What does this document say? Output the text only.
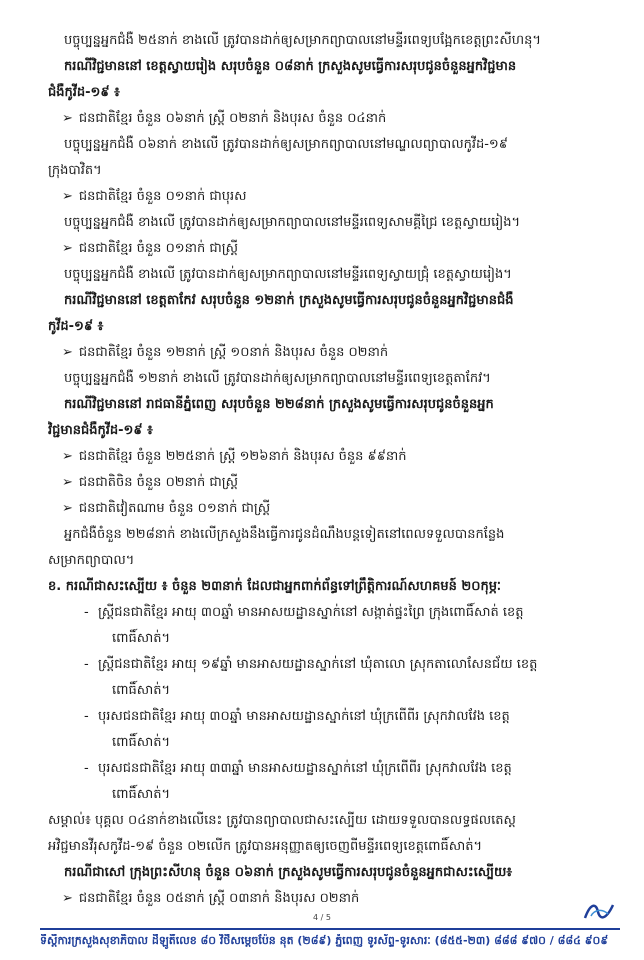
បច្ចុប្បន្នអ្នកជំងឺ ២៥នាក់ ខាងលើ ត្រូវបានដាក់ឲ្យសម្រាកព្យាបាលនៅមន្ទីរពេទ្យបង្អែកខេត្តព្រះសីហនុ។
ករណីវិជ្ជមាននៅ ខេត្តស្វាយរៀង សរុបចំនួន ០៨នាក់ ក្រសួងសូមធ្វើការសរុបជូនចំនួនអ្នកវិជ្ជមាន
ជំងឺកូវីដ-១៩ ៖
➢ ជនជាតិខ្មែរ ចំនួន ០៦នាក់ ស្ត្រី ០២នាក់ និងបុរស ចំនួន ០៤នាក់
បច្ចុប្បន្នអ្នកជំងឺ ០៦នាក់ ខាងលើ ត្រូវបានដាក់ឲ្យសម្រាកព្យាបាលនៅមណ្ឌលព្យាបាលកូវីដ-១៩
ក្រុងបាវិត។
➢ ជនជាតិខ្មែរ ចំនួន ០១នាក់ ជាបុរស
បច្ចុប្បន្នអ្នកជំងឺ ខាងលើ ត្រូវបានដាក់ឲ្យសម្រាកព្យាបាលនៅមន្ទីរពេទ្យសាមគ្គីជ្រៃ ខេត្តស្វាយរៀង។
➢ ជនជាតិខ្មែរ ចំនួន ០១នាក់ ជាស្ត្រី
បច្ចុប្បន្នអ្នកជំងឺ ខាងលើ ត្រូវបានដាក់ឲ្យសម្រាកព្យាបាលនៅមន្ទីរពេទ្យស្វាយជ្រុំ ខេត្តស្វាយរៀង។
ករណីវិជ្ជមាននៅ ខេត្តតាកែវ សរុបចំនួន ១២នាក់ ក្រសួងសូមធ្វើការសរុបជូនចំនួនអ្នកវិជ្ជមានជំងឺ
កូវីដ-១៩ ៖
➢ ជនជាតិខ្មែរ ចំនួន ១២នាក់ ស្ត្រី ១០នាក់ និងបុរស ចំនួន ០២នាក់
បច្ចុប្បន្នអ្នកជំងឺ ១២នាក់ ខាងលើ ត្រូវបានដាក់ឲ្យសម្រាកព្យាបាលនៅមន្ទីរពេទ្យខេត្តតាកែវ។
ករណីវិជ្ជមាននៅ រាជធានីភ្នំពេញ សរុបចំនួន ២២៨នាក់ ក្រសួងសូមធ្វើការសរុបជូនចំនួនអ្នក
វិជ្ជមានជំងឺកូវីដ-១៩ ៖
➢ ជនជាតិខ្មែរ ចំនួន ២២៥នាក់ ស្ត្រី ១២៦នាក់ និងបុរស ចំនួន ៩៩នាក់
➢ ជនជាតិចិន ចំនួន ០២នាក់ ជាស្ត្រី
➢ ជនជាតិវៀតណាម ចំនួន ០១នាក់ ជាស្ត្រី
អ្នកជំងឺចំនួន ២២៨នាក់ ខាងលើក្រសួងនឹងធ្វើការជូនដំណឹងបន្តទៀតនៅពេលទទួលបានកន្លែង
សម្រាកព្យាបាល។
ខ. ករណីជាសះស្បើយ ៖ ចំនួន ២៣នាក់ ដែលជាអ្នកពាក់ព័ន្ធទៅព្រឹត្តិការណ៍សហគមន៍ ២០កុម្ភៈ
- ស្ត្រីជនជាតិខ្មែរ អាយុ ៣០ឆ្នាំ មានអាសយដ្ឋានស្នាក់នៅ សង្កាត់ផ្ទះព្រៃ ក្រុងពោធិ៍សាត់ ខេត្ត
ពោធិ៍សាត់។
- ស្ត្រីជនជាតិខ្មែរ អាយុ ១៩ឆ្នាំ មានអាសយដ្ឋានស្នាក់នៅ ឃុំតាលោ ស្រុកតាលោសែនជ័យ ខេត្ត
ពោធិ៍សាត់។
- បុរសជនជាតិខ្មែរ អាយុ ៣០ឆ្នាំ មានអាសយដ្ឋានស្នាក់នៅ ឃុំក្រពើពីរ ស្រុកវាលវែង ខេត្ត
ពោធិ៍សាត់។
- បុរសជនជាតិខ្មែរ អាយុ ៣៣ឆ្នាំ មានអាសយដ្ឋានស្នាក់នៅ ឃុំក្រពើពីរ ស្រុកវាលវែង ខេត្ត
ពោធិ៍សាត់។
សម្គាល់៖ បុគ្គល ០៤នាក់ខាងលើនេះ ត្រូវបានព្យាបាលជាសះស្បើយ ដោយទទួលបានលទ្ធផលតេស្ត
អវិជ្ជមានវីរុសកូវីដ-១៩ ចំនួន ០២លើក ត្រូវបានអនុញ្ញាតឲ្យចេញពីមន្ទីរពេទ្យខេត្តពោធិ៍សាត់។
ករណីជាសៅ ក្រុងព្រះសីហនុ ចំនួន ០៦នាក់ ក្រសួងសូមធ្វើការសរុបជូនចំនួនអ្នកជាសះស្បើយ៖
➢ ជនជាតិខ្មែរ ចំនួន ០៥នាក់ ស្ត្រី ០៣នាក់ និងបុរស ០២នាក់
4 / 5
ទីស្តីការក្រសួងសុខាភិបាល ដីឡូតិ៍លេខ ៨០ វិថីសម្តេចប៉ែន នុត (២៨៩) ភ្នំពេញ ទូរស័ព្ទ-ទូរសារៈ (៨៥៥-២៣) ៨៨៨ ៩៧០ / ៨៨៤ ៩០៩
